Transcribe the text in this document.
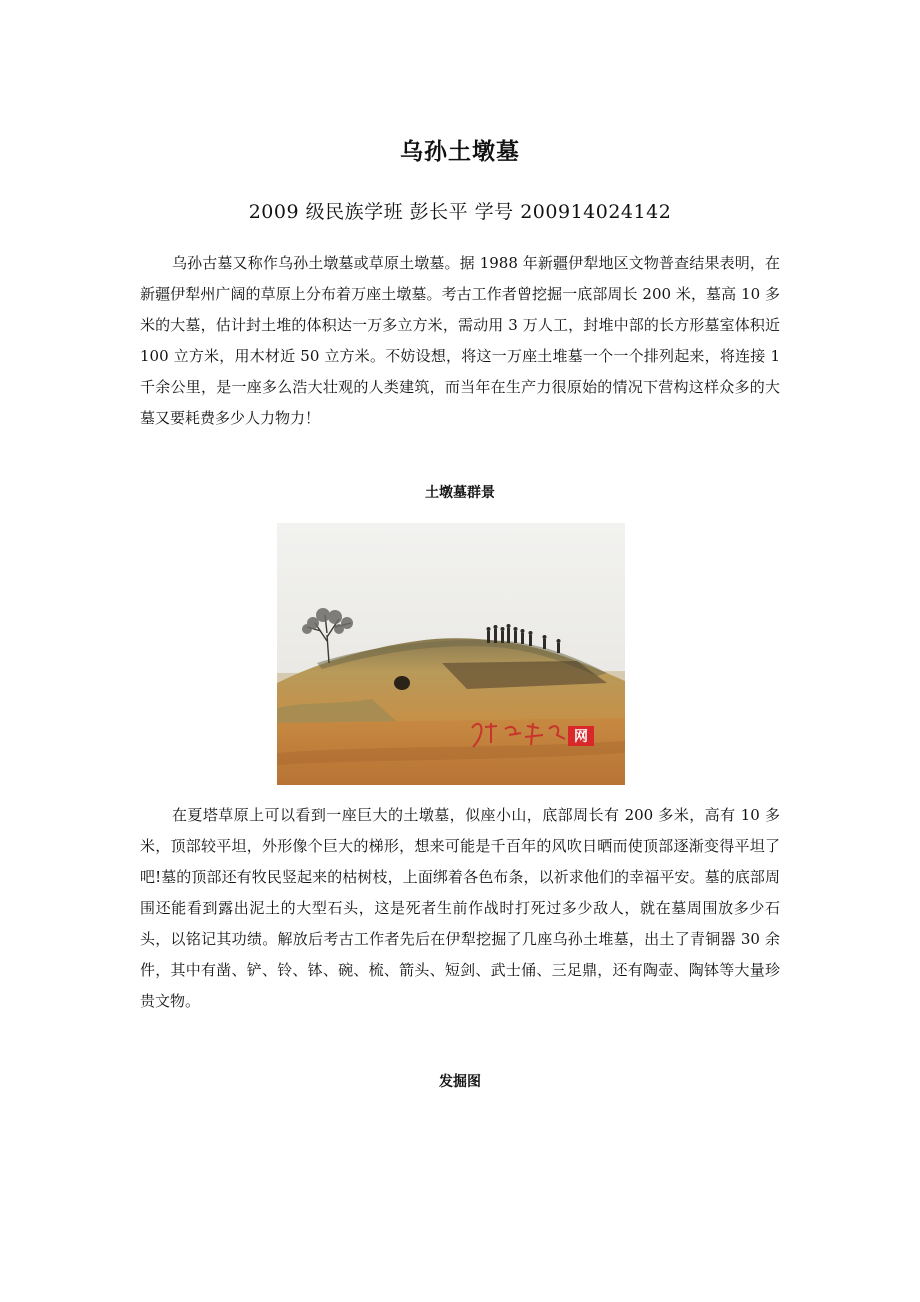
乌孙土墩墓
2009 级民族学班 彭长平 学号 200914024142

乌孙古墓又称作乌孙土墩墓或草原土墩墓。据 1988 年新疆伊犁地区文物普查结果表明，在新疆伊犁州广阔的草原上分布着万座土墩墓。考古工作者曾挖掘一底部周长 200 米，墓高 10 多米的大墓，估计封土堆的体积达一万多立方米，需动用 3 万人工，封堆中部的长方形墓室体积近 100 立方米，用木材近 50 立方米。不妨设想，将这一万座土堆墓一个一个排列起来，将连接 1 千余公里，是一座多么浩大壮观的人类建筑，而当年在生产力很原始的情况下营构这样众多的大墓又要耗费多少人力物力！

土墩墓群景
网

在夏塔草原上可以看到一座巨大的土墩墓，似座小山，底部周长有 200 多米，高有 10 多米，顶部较平坦，外形像个巨大的梯形，想来可能是千百年的风吹日晒而使顶部逐渐变得平坦了吧!墓的顶部还有牧民竖起来的枯树枝，上面绑着各色布条，以祈求他们的幸福平安。墓的底部周围还能看到露出泥土的大型石头，这是死者生前作战时打死过多少敌人，就在墓周围放多少石头，以铭记其功绩。解放后考古工作者先后在伊犁挖掘了几座乌孙土堆墓，出土了青铜器 30 余件，其中有凿、铲、铃、钵、碗、梳、箭头、短剑、武士俑、三足鼎，还有陶壶、陶钵等大量珍贵文物。

发掘图
